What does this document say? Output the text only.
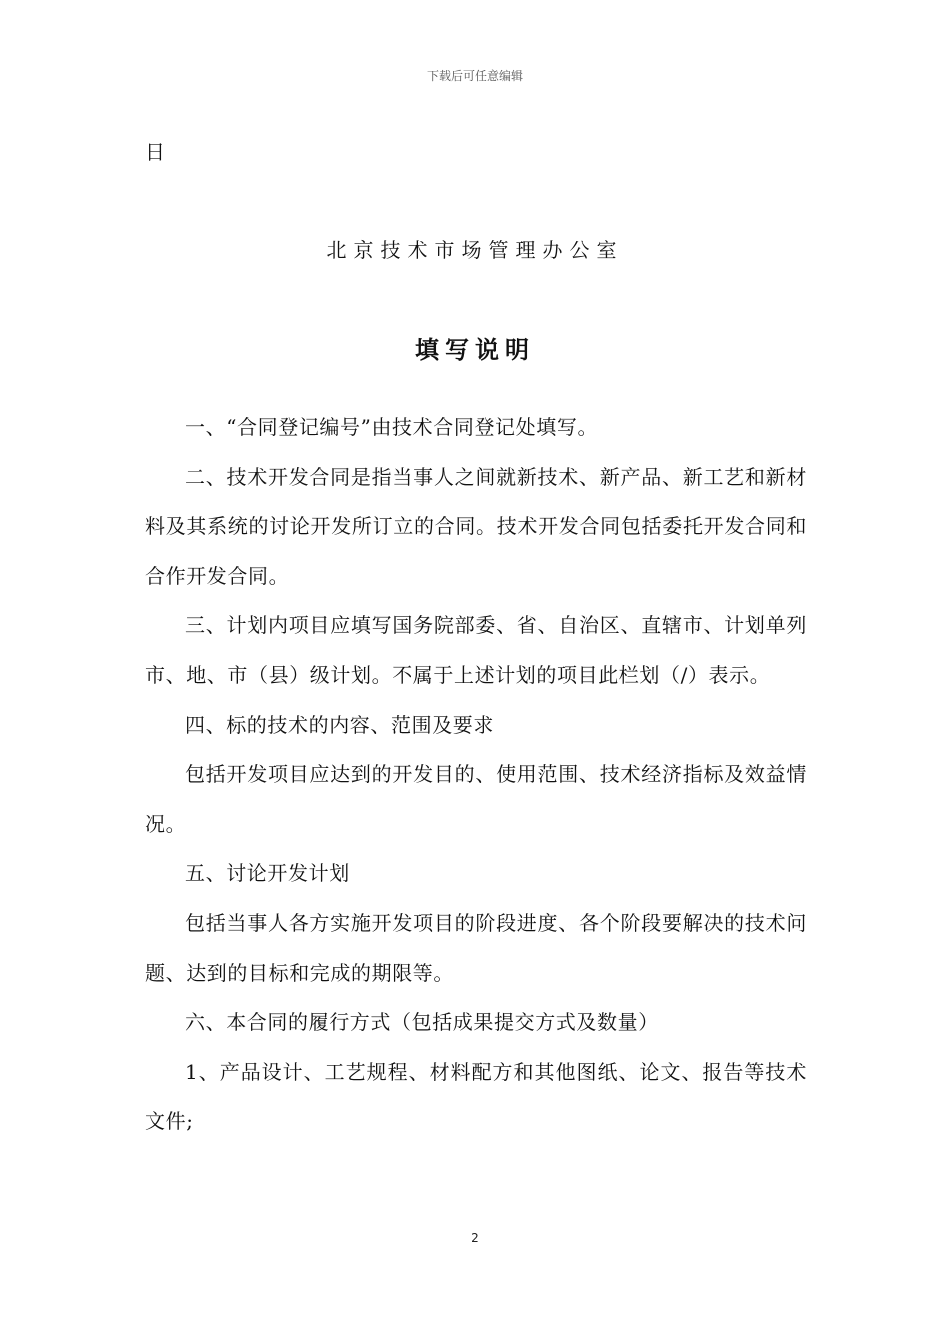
下载后可任意编辑
日
北京技术市场管理办公室
填写说明

一、“合同登记编号”由技术合同登记处填写。

二、技术开发合同是指当事人之间就新技术、新产品、新工艺和新材料及其系统的讨论开发所订立的合同。技术开发合同包括委托开发合同和合作开发合同。

三、计划内项目应填写国务院部委、省、自治区、直辖市、计划单列市、地、市（县）级计划。不属于上述计划的项目此栏划（/）表示。

四、标的技术的内容、范围及要求

包括开发项目应达到的开发目的、使用范围、技术经济指标及效益情况。

五、讨论开发计划

包括当事人各方实施开发项目的阶段进度、各个阶段要解决的技术问题、达到的目标和完成的期限等。

六、本合同的履行方式（包括成果提交方式及数量）

1、产品设计、工艺规程、材料配方和其他图纸、论文、报告等技术文件;

2
